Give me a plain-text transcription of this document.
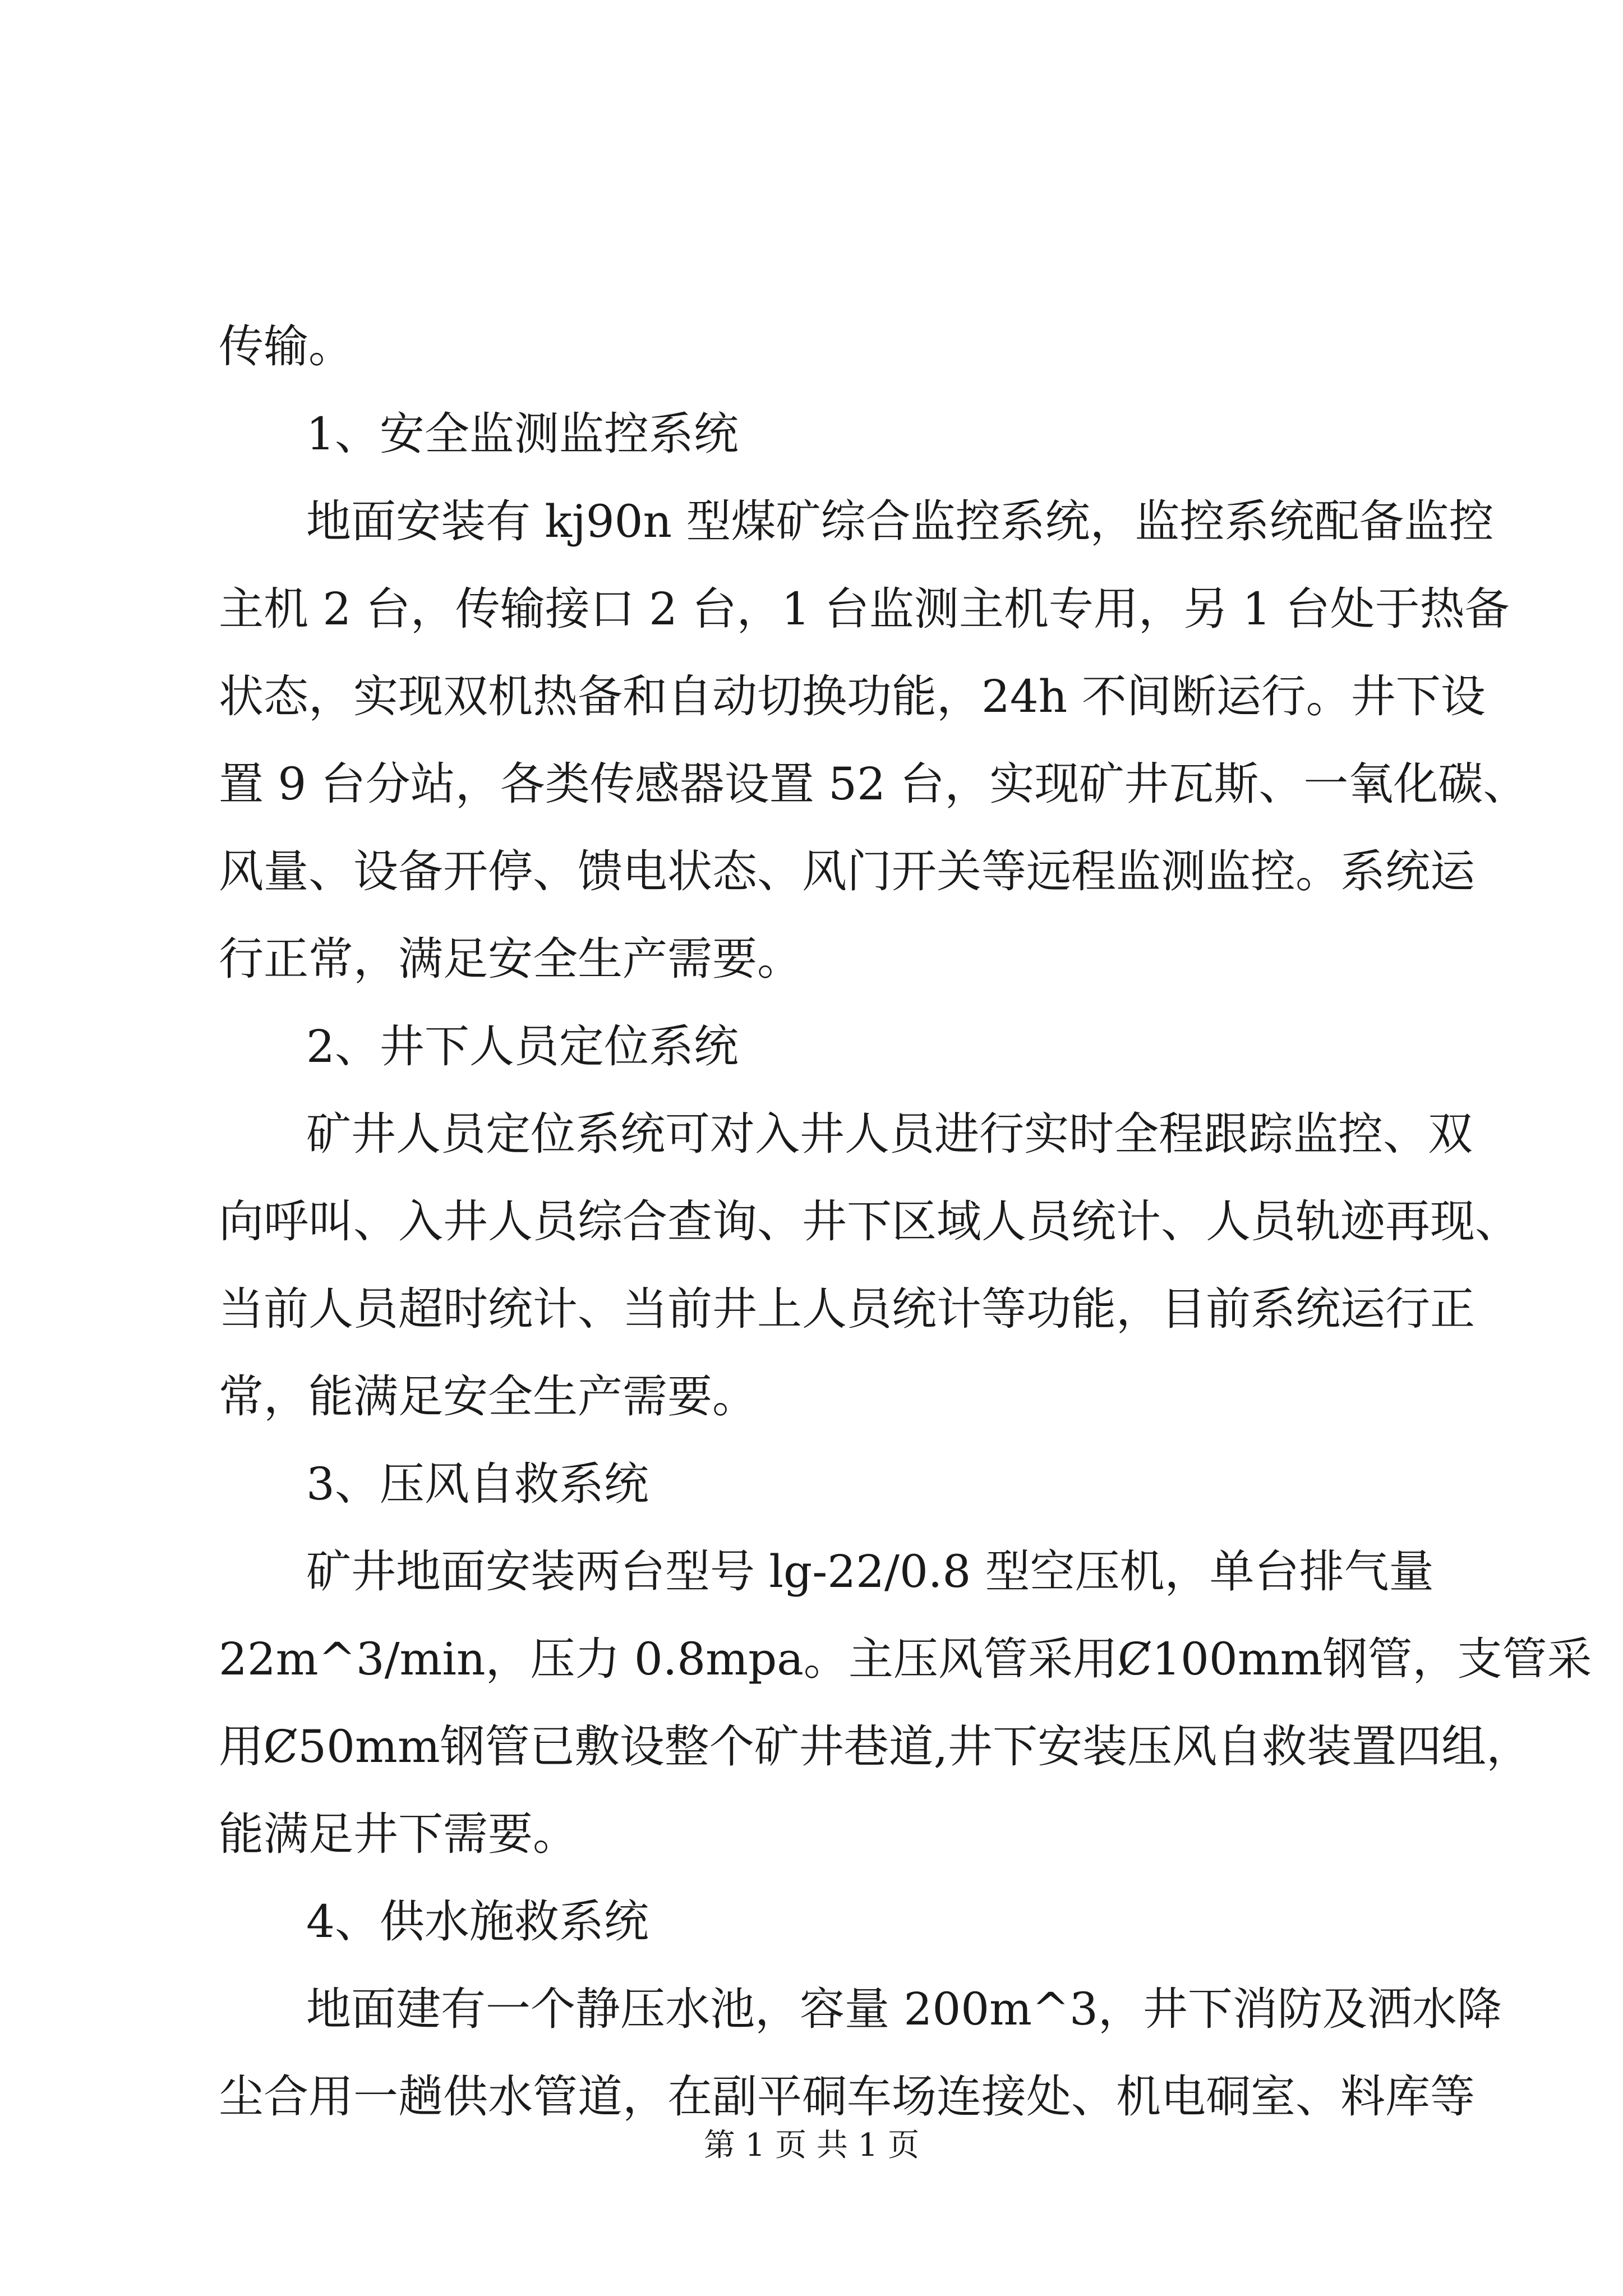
传输。

1、安全监测监控系统

地面安装有 kj90n 型煤矿综合监控系统，监控系统配备监控

主机 2 台，传输接口 2 台，1 台监测主机专用，另 1 台处于热备

状态，实现双机热备和自动切换功能，24h 不间断运行。井下设

置 9 台分站，各类传感器设置 52 台，实现矿井瓦斯、一氧化碳、

风量、设备开停、馈电状态、风门开关等远程监测监控。系统运

行正常，满足安全生产需要。

2、井下人员定位系统

矿井人员定位系统可对入井人员进行实时全程跟踪监控、双

向呼叫、入井人员综合查询、井下区域人员统计、人员轨迹再现、

当前人员超时统计、当前井上人员统计等功能，目前系统运行正

常，能满足安全生产需要。

3、压风自救系统

矿井地面安装两台型号 lg-22/0.8 型空压机，单台排气量

22m^3/min，压力 0.8mpa。主压风管采用Ȼ100mm钢管，支管采

用Ȼ50mm钢管已敷设整个矿井巷道,井下安装压风自救装置四组，

能满足井下需要。

4、供水施救系统

地面建有一个静压水池，容量 200m^3，井下消防及洒水降

尘合用一趟供水管道，在副平硐车场连接处、机电硐室、料库等

第 1 页 共 1 页
